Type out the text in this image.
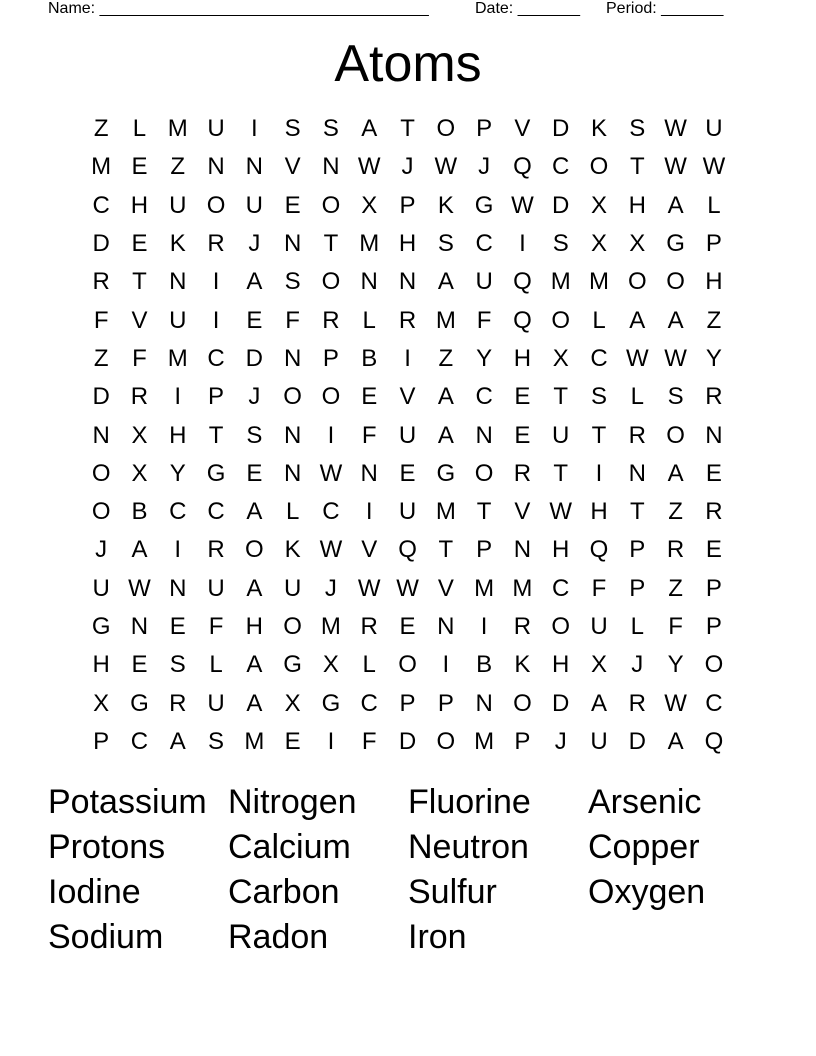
Name: _____________________________________	Date: _______ Period: _______
Atoms
Z	L M U	I	S S A T O P V D K S W U
M E Z N N V N W J W J Q C O T W W
C H U O U E O X P K G W D X H A L
D E K R J N T M H S C	I	S X X G P
R T N	I	A S O N N A U Q M M O O H
F V U	I	E F R L R M F Q O L A A Z
Z F M C D N P B	I	Z Y H X C W W Y
D R	I	P	J O O E V A C E T S L S R
N X H T S N	I	F U A N E U T R O N
O X Y G E N W N E G O R T	I	N A E
O B C C A L C	I	U M T V W H T Z R
J	A	I	R O K W V Q T P N H Q P R E
U W N U A U J W W V M M C F P Z P
G N E F H O M R E N	I	R O U L	F P
H E S L A G X L O	I	B K H X	J	Y O
X G R U A X G C P P N O D A R W C
P C A S M E	I	F D O M P	J U D A Q
Potassium Nitrogen	Fluorine	Arsenic
Protons	Calcium	Neutron	Copper
Iodine	Carbon	Sulfur	Oxygen
Sodium	Radon	Iron
